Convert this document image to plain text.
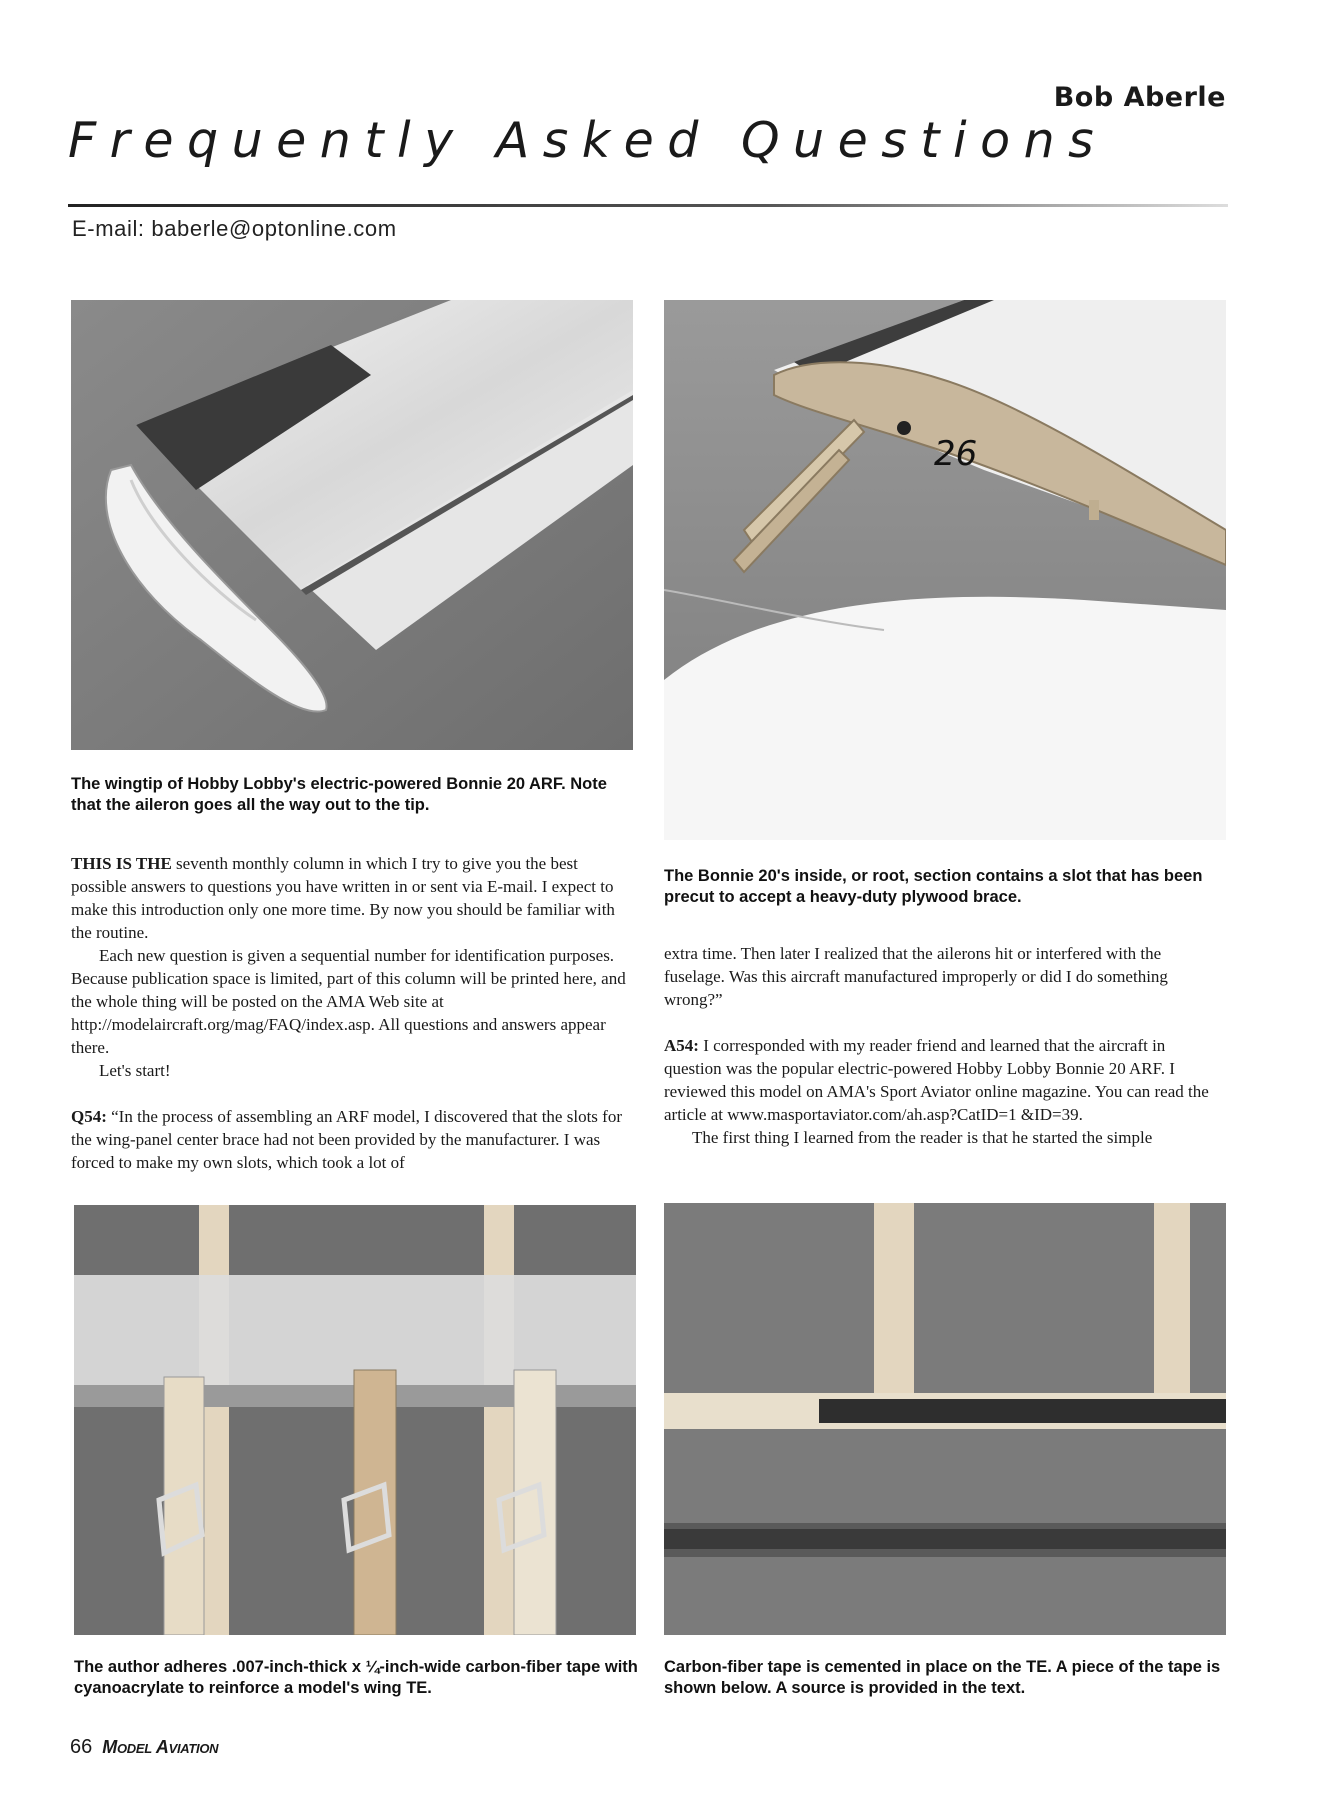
Bob Aberle
Frequently Asked Questions
E-mail: baberle@optonline.com
The wingtip of Hobby Lobby's electric-powered Bonnie 20 ARF. Note that the aileron goes all the way out to the tip.
26
The Bonnie 20's inside, or root, section contains a slot that has been precut to accept a heavy-duty plywood brace.

THIS IS THE seventh monthly column in which I try to give you the best possible answers to questions you have written in or sent via E-mail. I expect to make this introduction only one more time. By now you should be familiar with the routine.

Each new question is given a sequential number for identification purposes. Because publication space is limited, part of this column will be printed here, and the whole thing will be posted on the AMA Web site at http://modelaircraft.org/mag/FAQ/index.asp. All questions and answers appear there.

Let's start!

Q54: “In the process of assembling an ARF model, I discovered that the slots for the wing-panel center brace had not been provided by the manufacturer. I was forced to make my own slots, which took a lot of

extra time. Then later I realized that the ailerons hit or interfered with the fuselage. Was this aircraft manufactured improperly or did I do something wrong?”

A54: I corresponded with my reader friend and learned that the aircraft in question was the popular electric-powered Hobby Lobby Bonnie 20 ARF. I reviewed this model on AMA's Sport Aviator online magazine. You can read the article at www.masportaviator.com/ah.asp?CatID=1 &ID=39.

The first thing I learned from the reader is that he started the simple

The author adheres .007-inch-thick x ¼-inch-wide carbon-fiber tape with cyanoacrylate to reinforce a model's wing TE.
Carbon-fiber tape is cemented in place on the TE. A piece of the tape is shown below. A source is provided in the text.
66 Model Aviation
